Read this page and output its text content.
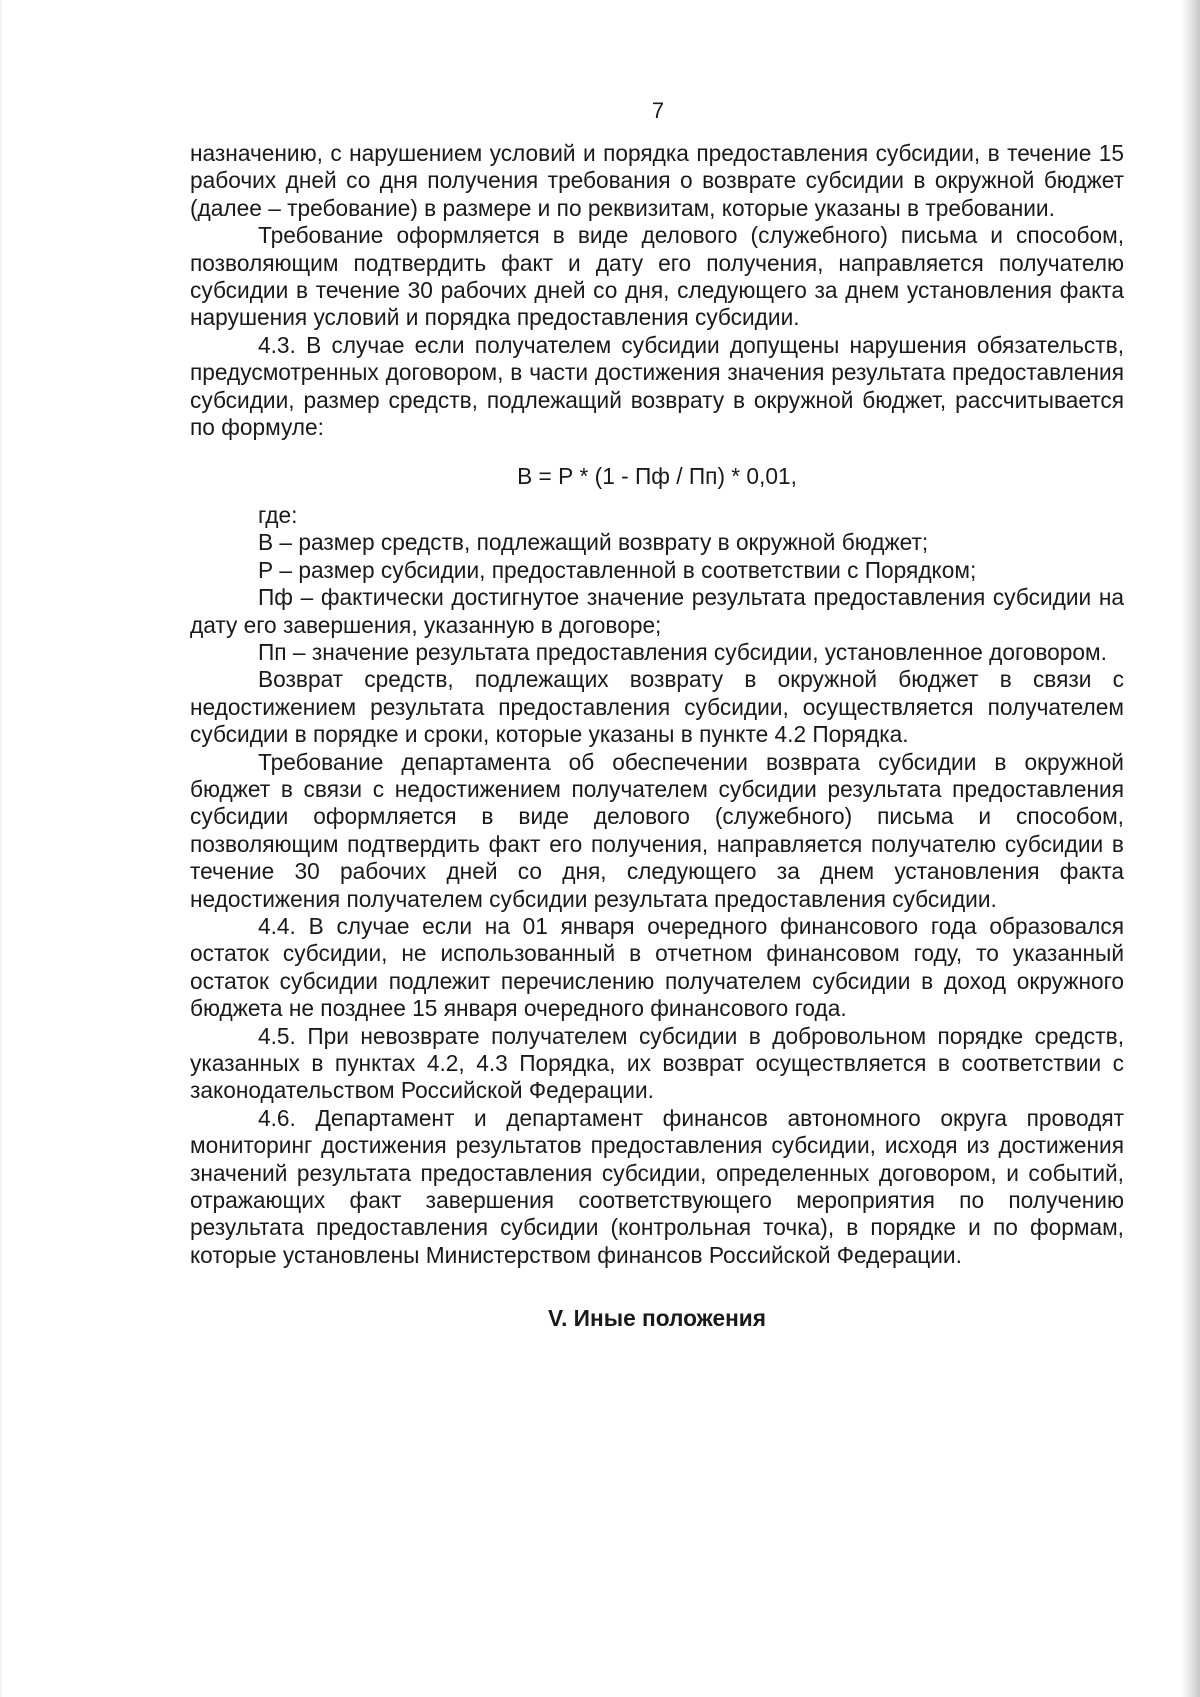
7

назначению, с нарушением условий и порядка предоставления субсидии, в течение 15 рабочих дней со дня получения требования о возврате субсидии в окружной бюджет (далее – требование) в размере и по реквизитам, которые указаны в требовании.

Требование оформляется в виде делового (служебного) письма и способом, позволяющим подтвердить факт и дату его получения, направляется получателю субсидии в течение 30 рабочих дней со дня, следующего за днем установления факта нарушения условий и порядка предоставления субсидии.

4.3. В случае если получателем субсидии допущены нарушения обязательств, предусмотренных договором, в части достижения значения результата предоставления субсидии, размер средств, подлежащий возврату в окружной бюджет, рассчитывается по формуле:

В = Р * (1 - Пф / Пп) * 0,01,

где:

В – размер средств, подлежащий возврату в окружной бюджет;

Р – размер субсидии, предоставленной в соответствии с Порядком;

Пф – фактически достигнутое значение результата предоставления субсидии на дату его завершения, указанную в договоре;

Пп – значение результата предоставления субсидии, установленное договором.

Возврат средств, подлежащих возврату в окружной бюджет в связи с недостижением результата предоставления субсидии, осуществляется получателем субсидии в порядке и сроки, которые указаны в пункте 4.2 Порядка.

Требование департамента об обеспечении возврата субсидии в окружной бюджет в связи с недостижением получателем субсидии результата предоставления субсидии оформляется в виде делового (служебного) письма и способом, позволяющим подтвердить факт его получения, направляется получателю субсидии в течение 30 рабочих дней со дня, следующего за днем установления факта недостижения получателем субсидии результата предоставления субсидии.

4.4. В случае если на 01 января очередного финансового года образовался остаток субсидии, не использованный в отчетном финансовом году, то указанный остаток субсидии подлежит перечислению получателем субсидии в доход окружного бюджета не позднее 15 января очередного финансового года.

4.5. При невозврате получателем субсидии в добровольном порядке средств, указанных в пунктах 4.2, 4.3 Порядка, их возврат осуществляется в соответствии с законодательством Российской Федерации.

4.6. Департамент и департамент финансов автономного округа проводят мониторинг достижения результатов предоставления субсидии, исходя из достижения значений результата предоставления субсидии, определенных договором, и событий, отражающих факт завершения соответствующего мероприятия по получению результата предоставления субсидии (контрольная точка), в порядке и по формам, которые установлены Министерством финансов Российской Федерации.

V. Иные положения
